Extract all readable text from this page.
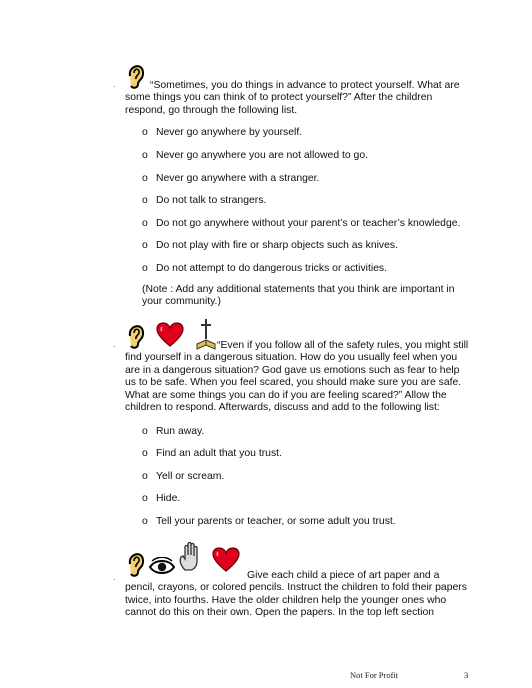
·	“Sometimes, you do things in advance to protect yourself. What are some things you can think of to protect yourself?” After the children respond, go through the following list.
o Never go anywhere by yourself.
o Never go anywhere you are not allowed to go.
o Never go anywhere with a stranger.
o Do not talk to strangers.
o Do not go anywhere without your parent’s or teacher’s knowledge.
o Do not play with fire or sharp objects such as knives.
o Do not attempt to do dangerous tricks or activities.
(Note : Add any additional statements that you think are important in your community.)
·	“Even if you follow all of the safety rules, you might still find yourself in a dangerous situation. How do you usually feel when you are in a dangerous situation? God gave us emotions such as fear to help us to be safe. When you feel scared, you should make sure you are safe. What are some things you can do if you are feeling scared?” Allow the children to respond. Afterwards, discuss and add to the following list:
o Run away.
o Find an adult that you trust.
o Yell or scream.
o Hide.
o Tell your parents or teacher, or some adult you trust.
·	Give each child a piece of art paper and a pencil, crayons, or colored pencils. Instruct the children to fold their papers twice, into fourths. Have the older children help the younger ones who cannot do this on their own. Open the papers. In the top left section
Not For Profit	3
